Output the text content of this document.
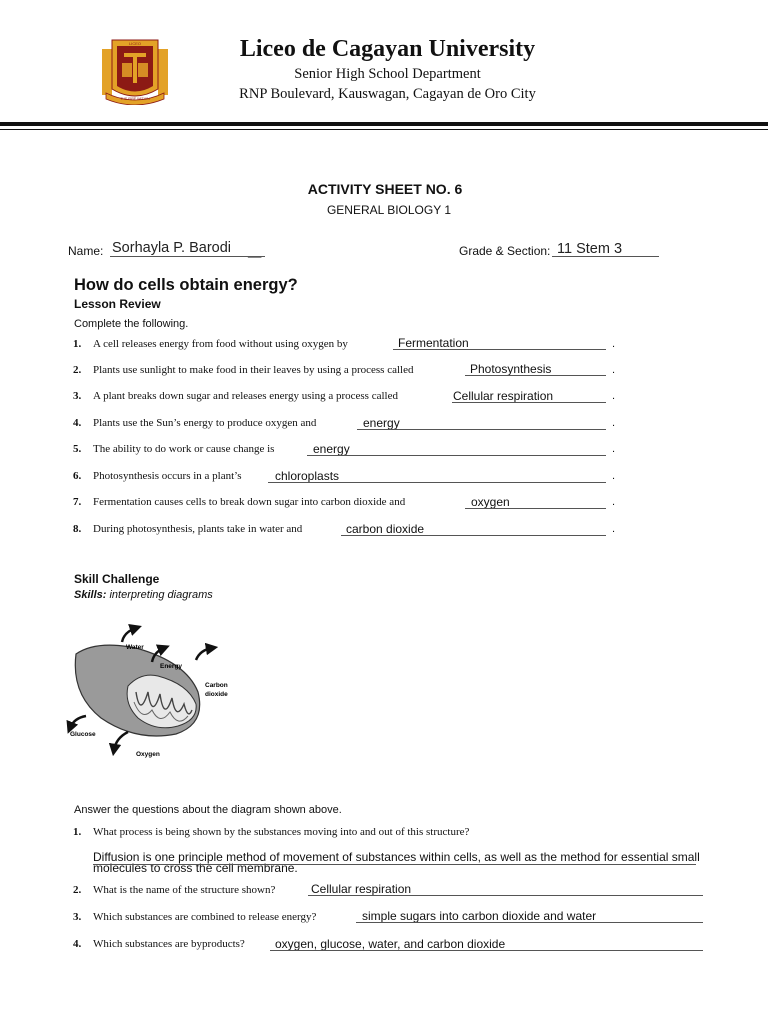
LICEO
THE FIRE WITHIN
Liceo de Cagayan University
Senior High School Department
RNP Boulevard, Kauswagan, Cagayan de Oro City
ACTIVITY SHEET NO. 6
GENERAL BIOLOGY 1
Name: Sorhayla P. Barodi	__	Grade & Section: 11 Stem 3
How do cells obtain energy?
Lesson Review
Complete the following.
1. A cell releases energy from food without using oxygen by	Fermentation	.
2. Plants use sunlight to make food in their leaves by using a process called	Photosynthesis	.
3. A plant breaks down sugar and releases energy using a process called	Cellular respiration	.
4. Plants use the Sun’s energy to produce oxygen and	energy	.
5. The ability to do work or cause change is	energy	.
6. Photosynthesis occurs in a plant’s	chloroplasts	.
7. Fermentation causes cells to break down sugar into carbon dioxide and	oxygen	.
8. During photosynthesis, plants take in water and	carbon dioxide	.
Skill Challenge
Skills: interpreting diagrams
Water
Energy
Carbon
dioxide
Glucose
Oxygen
Answer the questions about the diagram shown above.
1. What process is being shown by the substances moving into and out of this structure?
Diffusion is one principle method of movement of substances within cells, as well as the method for essential small molecules to cross the cell membrane.
2. What is the name of the structure shown?	Cellular respiration
3. Which substances are combined to release energy?	simple sugars into carbon dioxide and water
4. Which substances are byproducts?	oxygen, glucose, water, and carbon dioxide
